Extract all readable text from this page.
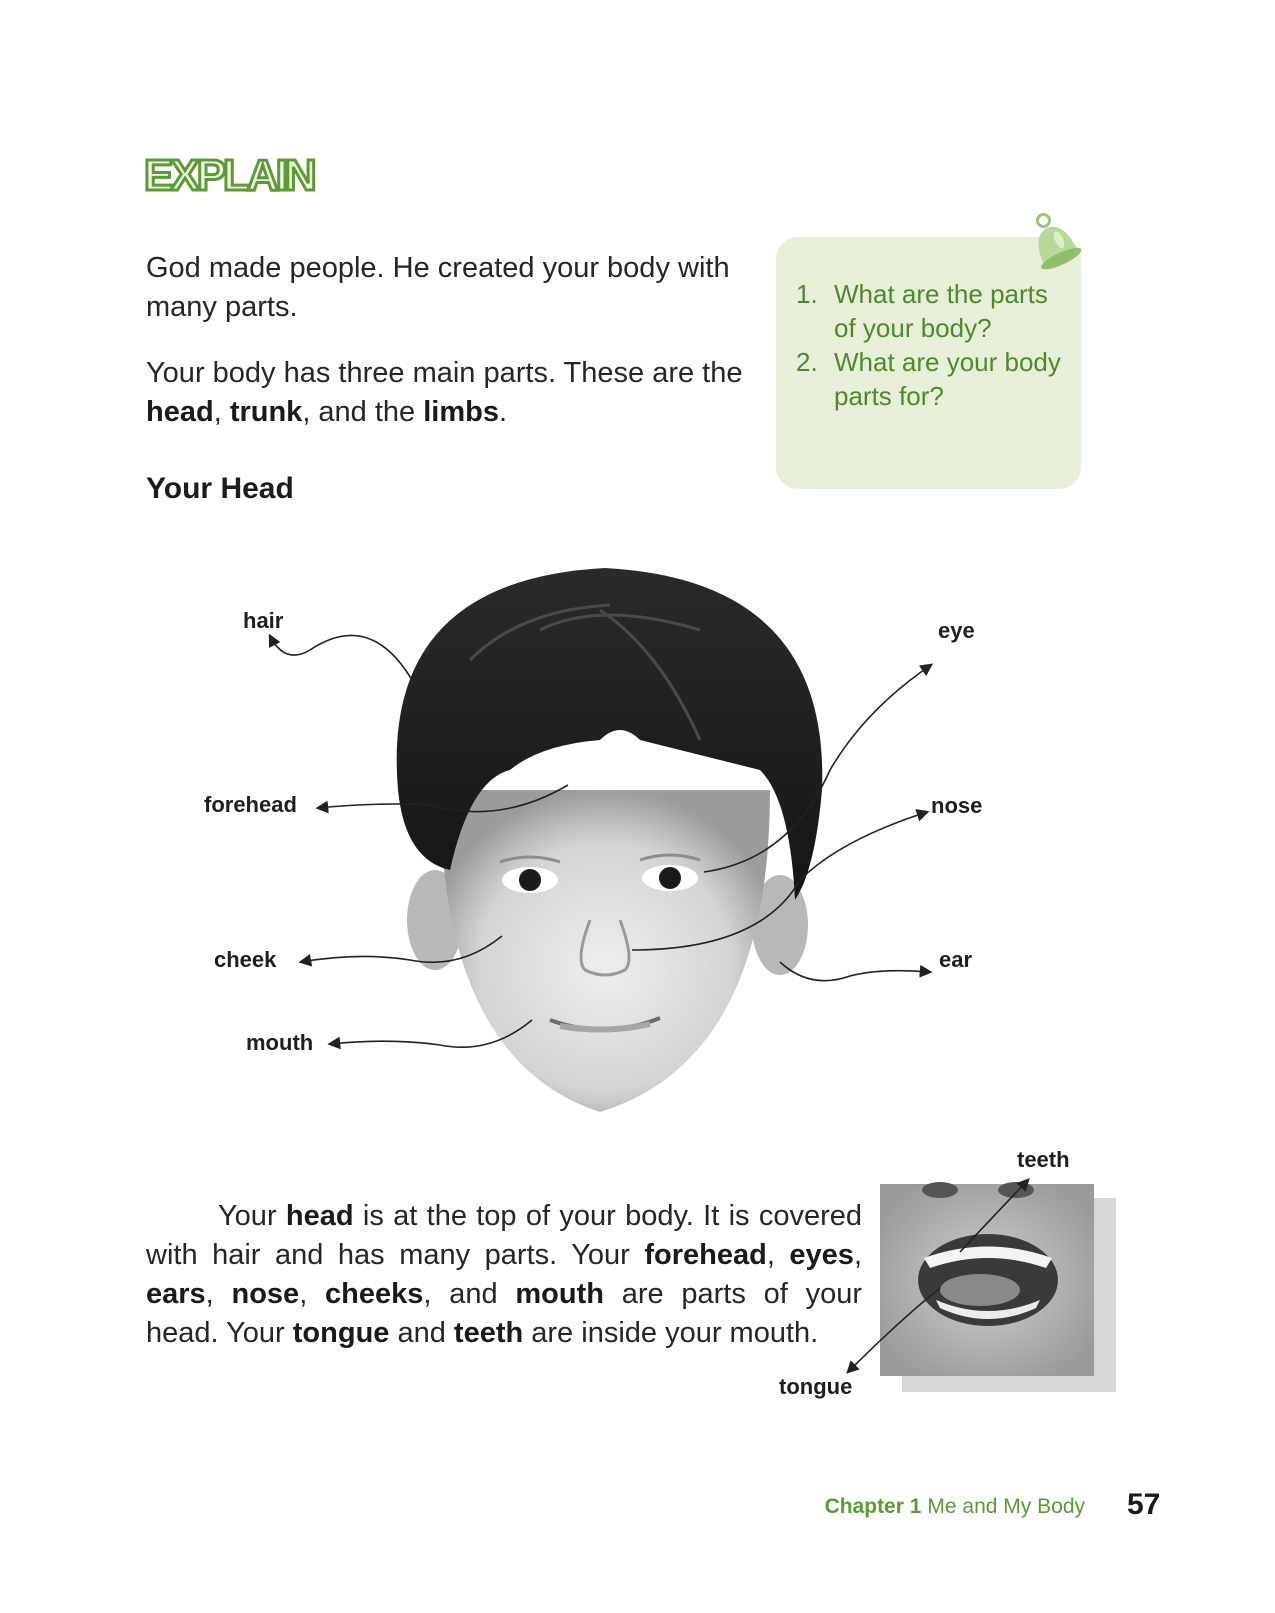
EXPLAIN

God made people. He created your body with many parts.

Your body has three main parts. These are the head, trunk, and the limbs.

1. What are the parts of your body?
2. What are your body parts for?
Your Head
hair
forehead
cheek
mouth
eye
nose
ear

Your head is at the top of your body. It is covered with hair and has many parts. Your forehead, eyes, ears, nose, cheeks, and mouth are parts of your head. Your tongue and teeth are inside your mouth.

teeth
tongue
Chapter 1 Me and My Body 57
